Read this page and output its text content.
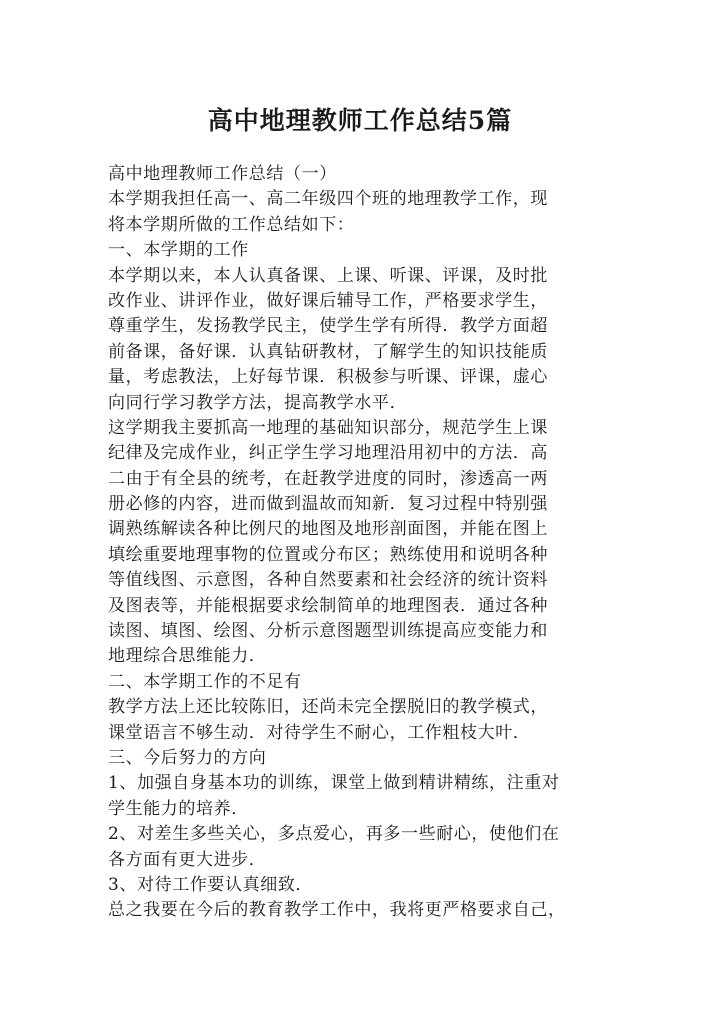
高中地理教师工作总结5篇
高中地理教师工作总结（一）
本学期我担任高一、高二年级四个班的地理教学工作，现
将本学期所做的工作总结如下：
一、本学期的工作
本学期以来，本人认真备课、上课、听课、评课，及时批
改作业、讲评作业，做好课后辅导工作，严格要求学生，
尊重学生，发扬教学民主，使学生学有所得．教学方面超
前备课，备好课．认真钻研教材，了解学生的知识技能质
量，考虑教法，上好每节课．积极参与听课、评课，虚心
向同行学习教学方法，提高教学水平．
这学期我主要抓高一地理的基础知识部分，规范学生上课
纪律及完成作业，纠正学生学习地理沿用初中的方法．高
二由于有全县的统考，在赶教学进度的同时，渗透高一两
册必修的内容，进而做到温故而知新．复习过程中特别强
调熟练解读各种比例尺的地图及地形剖面图，并能在图上
填绘重要地理事物的位置或分布区；熟练使用和说明各种
等值线图、示意图，各种自然要素和社会经济的统计资料
及图表等，并能根据要求绘制简单的地理图表．通过各种
读图、填图、绘图、分析示意图题型训练提高应变能力和
地理综合思维能力．
二、本学期工作的不足有
教学方法上还比较陈旧，还尚未完全摆脱旧的教学模式，
课堂语言不够生动．对待学生不耐心，工作粗枝大叶．
三、今后努力的方向
1、加强自身基本功的训练，课堂上做到精讲精练，注重对
学生能力的培养．
2、对差生多些关心，多点爱心，再多一些耐心，使他们在
各方面有更大进步．
3、对待工作要认真细致．
总之我要在今后的教育教学工作中，我将更严格要求自己，
